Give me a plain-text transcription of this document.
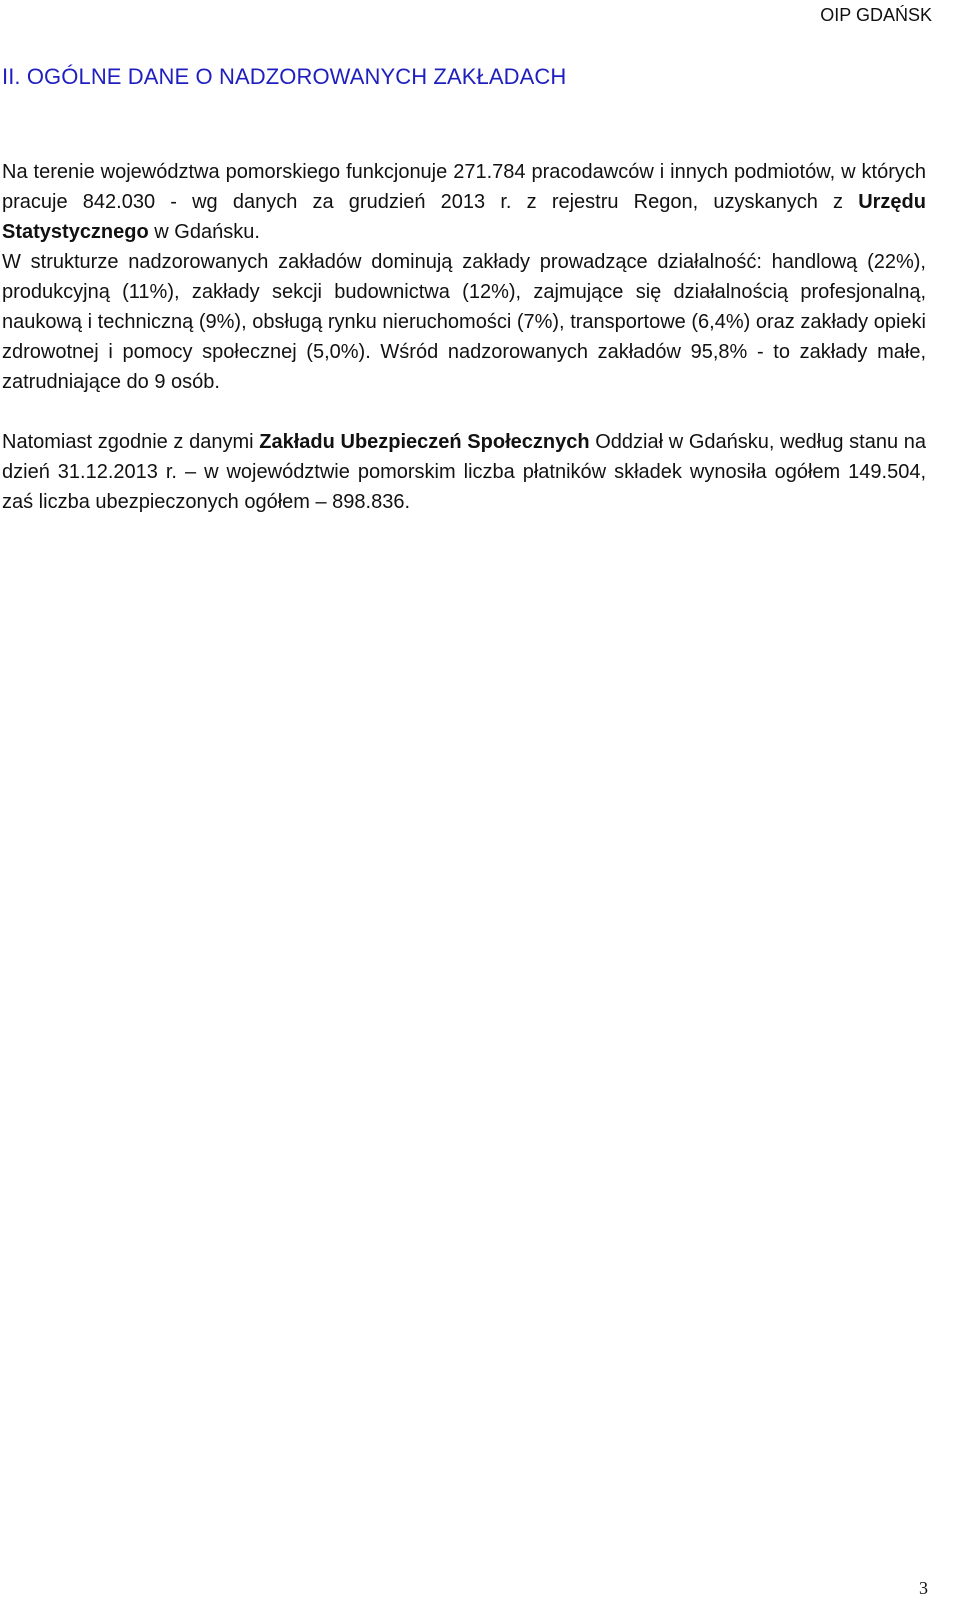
OIP GDAŃSK
II. OGÓLNE DANE O NADZOROWANYCH ZAKŁADACH

Na terenie województwa pomorskiego funkcjonuje 271.784 pracodawców i innych podmiotów, w których pracuje 842.030 - wg danych za grudzień 2013 r. z rejestru Regon, uzyskanych z Urzędu Statystycznego w Gdańsku.

W strukturze nadzorowanych zakładów dominują zakłady prowadzące działalność: handlową (22%), produkcyjną (11%), zakłady sekcji budownictwa (12%), zajmujące się działalnością profesjonalną, naukową i techniczną (9%), obsługą rynku nieruchomości (7%), transportowe (6,4%) oraz zakłady opieki zdrowotnej i pomocy społecznej (5,0%). Wśród nadzorowanych zakładów 95,8% - to zakłady małe, zatrudniające do 9 osób.

Natomiast zgodnie z danymi Zakładu Ubezpieczeń Społecznych Oddział w Gdańsku, według stanu na dzień 31.12.2013 r. – w województwie pomorskim liczba płatników składek wynosiła ogółem 149.504, zaś liczba ubezpieczonych ogółem – 898.836.

3
